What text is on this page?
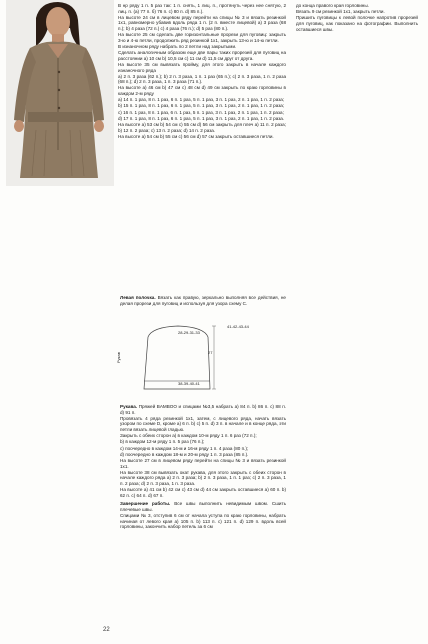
В нр ряду 1 п. 5 раз так: 1 п. снять, 1 лиц. п., протянуть через нее снятую, 2 лиц. п. (а) 77 п. б) 76 п. с) 80 п. d) 85 п.).

На высоте 24 см в лицевом ряду перейти на спицы № 3 и вязать резинкой 1х1, равномерно убавив вдоль ряда 1 п. (2 п. вместе лицевой) а) 3 раза (68 п.); b) 4 раза (72 п.) с) 4 раза (76 п.); d) 5 раз (80 п.).

На высоте 25 см сделать две горизонтальные прорези для пуговиц: закрыть 3-ю и 4-ю петли, продолжить ряд резинкой 1х1, закрыть 13-ю и 14-ю петли.

В изнаночном ряду набрать по 2 петли над закрытыми.

Сделать аналогичным образом еще две пары таких прорезей для пуговиц на расстоянии а) 10 см b) 10,5 см с) 11 см d) 11,5 см друг от друга.

На высоте 35 см вывязать пройму, для этого закрыть в начале каждого изнаночного ряда

а) 2 п. 3 раза (62 п.); b) 2 п. 3 раза, 1 п. 1 раз (65 п.); с) 2 п. 3 раза, 1 п. 2 раза (68 п.); d) 2 п. 3 раза, 1 п. 3 раза (71 п.).

На высоте а) 46 см b) 47 см с) 48 см d) 49 см закрыть по краю горловины в каждом 2-м ряду

а) 14 п. 1 раз, 8 п. 1 раз, 6 п. 1 раз, 5 п. 1 раз, 3 п. 1 раз, 2 п. 1 раз, 1 п. 2 раза;

b) 15 п. 1 раз, 8 п. 1 раз, 6 п. 1 раз, 5 п. 1 раз, 3 п. 1 раз, 2 п. 1 раз, 1 п. 2 раза;

с) 16 п. 1 раз, 8 п. 1 раз, 6 п. 1 раз, 5 п. 1 раз, 3 п. 1 раз, 2 п. 1 раз, 1 п. 2 раза;

d) 17 п. 1 раз, 8 п. 1 раз, 6 п. 1 раз, 5 п. 1 раз, 3 п. 1 раз, 2 п. 1 раз, 1 п. 2 раза.

На высоте а) 53 см b) 54 см с) 55 см d) 56 см закрыть для плеч а) 11 п. 2 раза; b) 12 п. 2 раза; с) 13 п. 2 раза; d) 14 п. 2 раза.

На высоте а) 54 см b) 55 см с) 56 см d) 57 см закрыть оставшиеся петли.

Левая полочка. Вязать как правую, зеркально выполняя все действия, не делая прорези для пуговиц и используя для узора схему С.

28-29-31-33
41-42-43-44
27
38-39-40-41
Рукав

Рукава. Пряжей BAMBOO и спицами №3,5 набрать а) 84 п. b) 86 п. с) 88 п. d) 91 п.

Провязать 4 ряда резинкой 1х1, затем, с лицевого ряда, начать вязать узором по схеме D, кроме а) 6 п. b) с) 5 п. d) 3 п. в начале и в конце ряда, эти петли вязать лицевой гладью.

Закрыть с обеих сторон а) в каждом 10-м ряду 1 п. 6 раз (72 п.);

b) в каждом 12-м ряду 1 п. 5 раз (76 п.);

с) поочередно в каждом 14-м и 16-м ряду 1 п. 4 раза (80 п.);

d) поочередно в каждом 18-м и 20-м ряду 1 п. 3 раза (85 п.).

На высоте 27 см в лицевом ряду перейти на спицы № 3 и вязать резинкой 1х1.

На высоте 38 см вывязать окат рукава, для этого закрыть с обеих сторон в начале каждого ряда а) 2 п. 3 раза; b) 2 п. 3 раза, 1 п. 1 раз; с) 2 п. 3 раза, 1 п. 2 раза; d) 2 п. 3 раза, 1 п. 3 раза.

На высоте а) 41 см b) 42 см с) 43 см d) 44 см закрыть оставшиеся а) 60 п. b) 62 п. с) 64 п. d) 67 п.

Завершение работы. Все швы выполнить невидимым швом. Сшить плечевые швы.

Спицами № 3, отступив 6 см от начала уступа по краю горловины, набрать начиная от левого края а) 105 п. b) 113 п. с) 121 п. d) 129 п. вдоль всей горловины, закончить набор петель за 6 см

до конца правого края горловины.

Вязать 9 см резинкой 1х1, закрыть петли.

Пришить пуговицы к левой полочке напротив прорезей для пуговиц, как показано на фотографии. Выполнить оставшиеся швы.

22
